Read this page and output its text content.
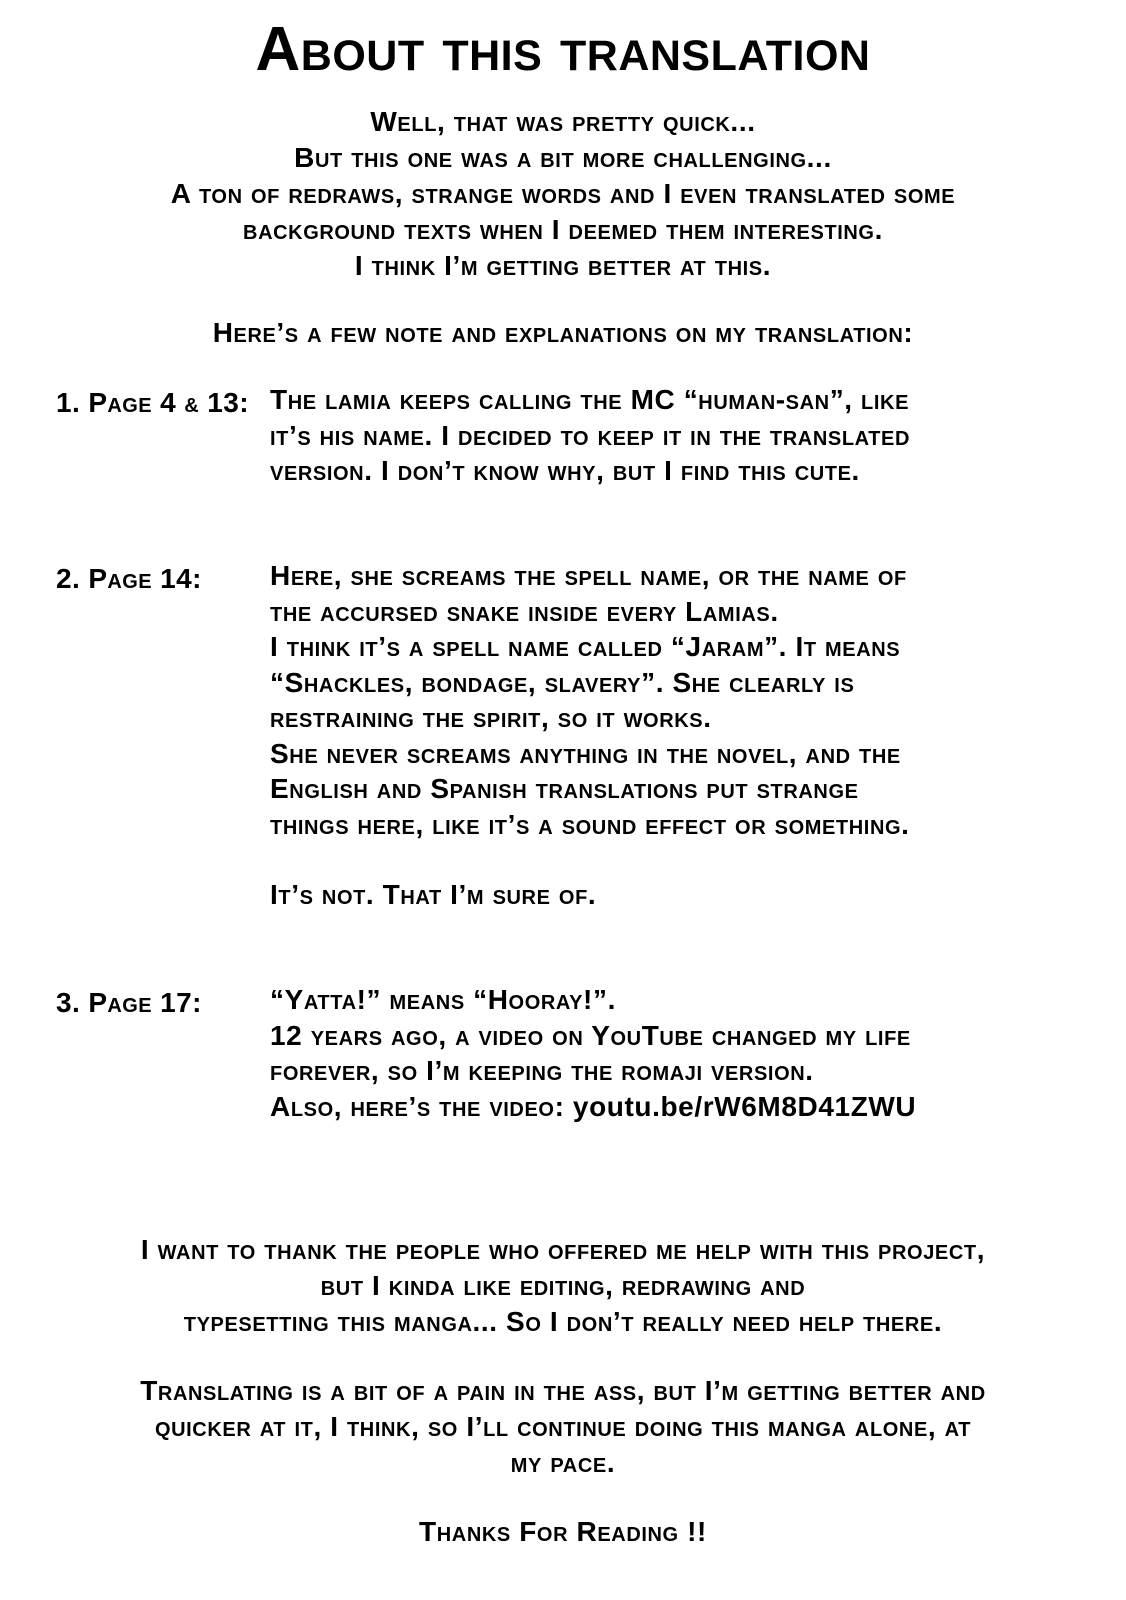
About this translation
Well, that was pretty quick...
But this one was a bit more challenging...
A ton of redraws, strange words and I even translated some
background texts when I deemed them interesting.
I think I’m getting better at this.
Here’s a few note and explanations on my translation:
1. Page 4 & 13: The lamia keeps calling the MC “human-san”, like
it’s his name. I decided to keep it in the translated
version. I don’t know why, but I find this cute.
2. Page 14: Here, she screams the spell name, or the name of
the accursed snake inside every Lamias.
I think it’s a spell name called “Jaram”. It means
“Shackles, bondage, slavery”. She clearly is
restraining the spirit, so it works.
She never screams anything in the novel, and the
English and Spanish translations put strange
things here, like it’s a sound effect or something.
It’s not. That I’m sure of.
3. Page 17: “Yatta!” means “Hooray!”.
12 years ago, a video on YouTube changed my life
forever, so I’m keeping the romaji version.
Also, here’s the video: youtu.be/rW6M8D41ZWU
I want to thank the people who offered me help with this project,
but I kinda like editing, redrawing and
typesetting this manga... So I don’t really need help there.
Translating is a bit of a pain in the ass, but I’m getting better and
quicker at it, I think, so I’ll continue doing this manga alone, at
my pace.
Thanks For Reading !!
